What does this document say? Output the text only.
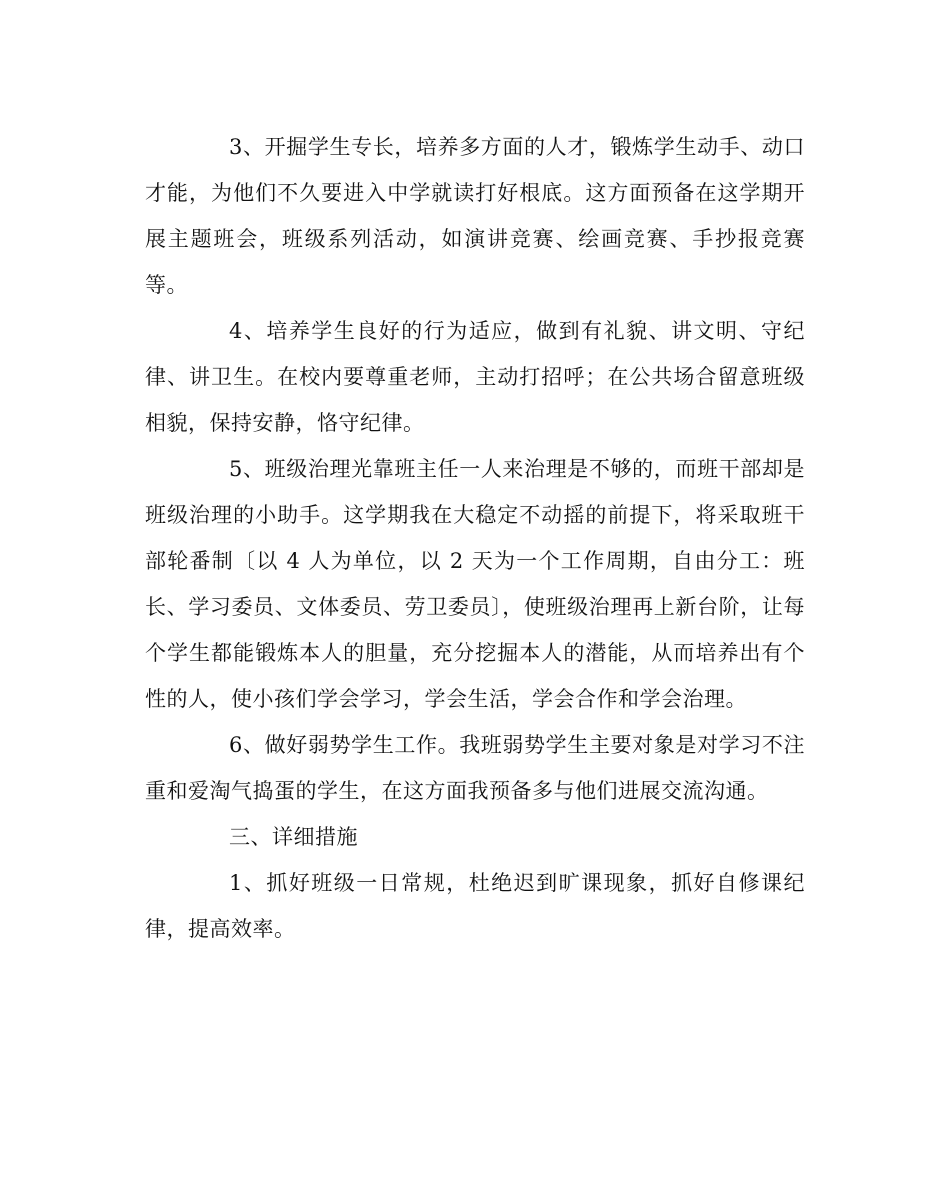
3、开掘学生专长，培养多方面的人才，锻炼学生动手、动口才能，为他们不久要进入中学就读打好根底。这方面预备在这学期开展主题班会，班级系列活动，如演讲竞赛、绘画竞赛、手抄报竞赛等。

4、培养学生良好的行为适应，做到有礼貌、讲文明、守纪律、讲卫生。在校内要尊重老师，主动打招呼；在公共场合留意班级相貌，保持安静，恪守纪律。

5、班级治理光靠班主任一人来治理是不够的，而班干部却是班级治理的小助手。这学期我在大稳定不动摇的前提下，将采取班干部轮番制〔以 4 人为单位，以 2 天为一个工作周期，自由分工：班长、学习委员、文体委员、劳卫委员〕，使班级治理再上新台阶，让每个学生都能锻炼本人的胆量，充分挖掘本人的潜能，从而培养出有个性的人，使小孩们学会学习，学会生活，学会合作和学会治理。

6、做好弱势学生工作。我班弱势学生主要对象是对学习不注重和爱淘气捣蛋的学生，在这方面我预备多与他们进展交流沟通。

三、详细措施

1、抓好班级一日常规，杜绝迟到旷课现象，抓好自修课纪律，提高效率。
